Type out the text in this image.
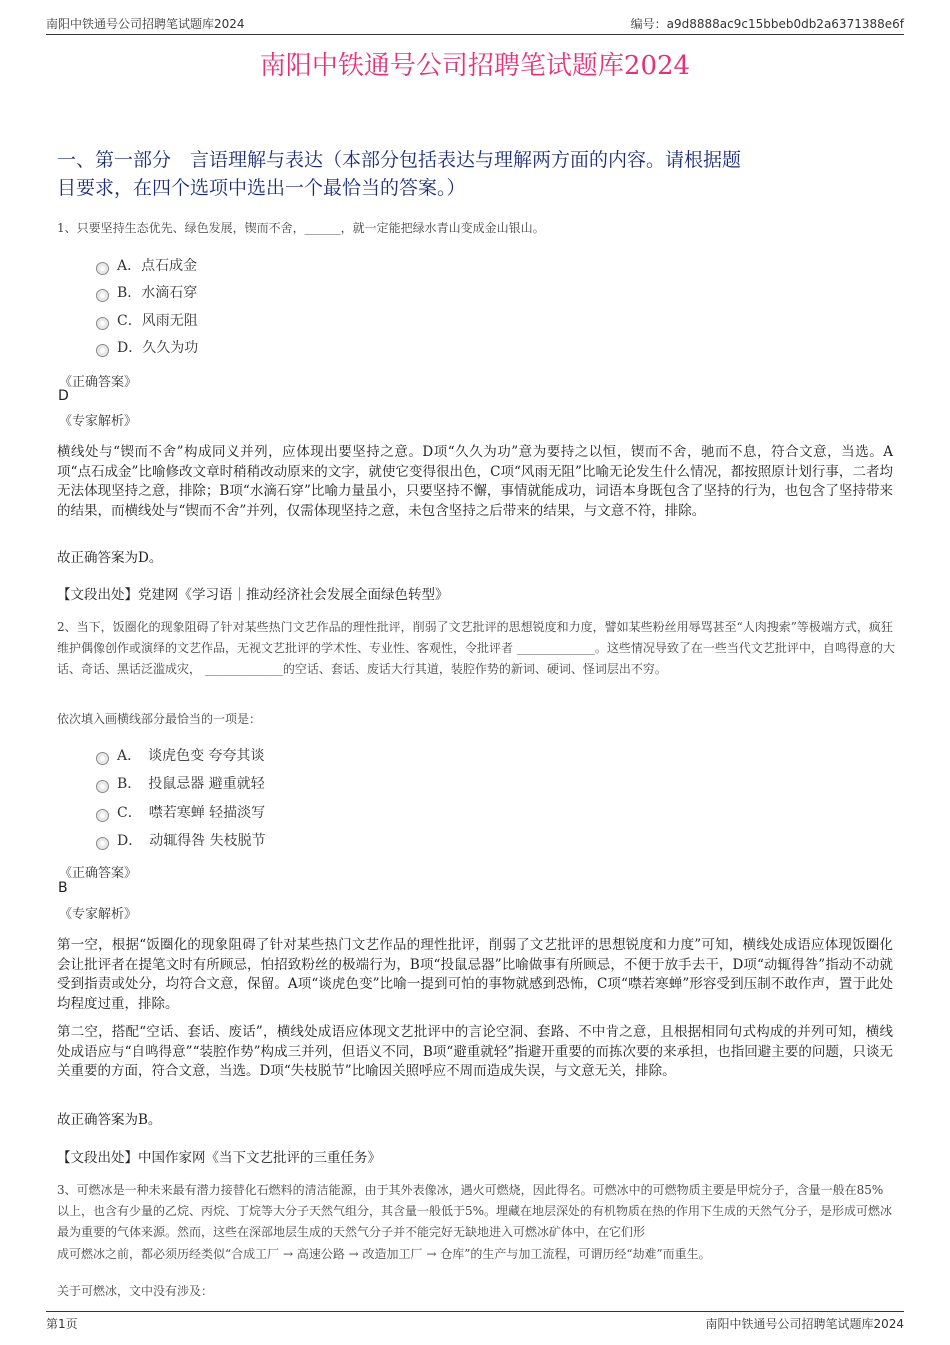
南阳中铁通号公司招聘笔试题库2024	编号：a9d8888ac9c15bbeb0db2a6371388e6f
南阳中铁通号公司招聘笔试题库2024
一、第一部分　言语理解与表达（本部分包括表达与理解两方面的内容。请根据题
目要求，在四个选项中选出一个最恰当的答案。）
1、只要坚持生态优先、绿色发展，锲而不舍，______，就一定能把绿水青山变成金山银山。
A．点石成金
B．水滴石穿
C．风雨无阻
D．久久为功
《正确答案》
D
《专家解析》
横线处与“锲而不舍”构成同义并列，应体现出要坚持之意。D项“久久为功”意为要持之以恒，锲而不舍，驰而不息，符合文意，当选。A项“点石成金”比喻修改文章时稍稍改动原来的文字，就使它变得很出色，C项“风雨无阻”比喻无论发生什么情况，都按照原计划行事，二者均无法体现坚持之意，排除；B项“水滴石穿”比喻力量虽小，只要坚持不懈，事情就能成功，词语本身既包含了坚持的行为，也包含了坚持带来的结果，而横线处与“锲而不舍”并列，仅需体现坚持之意，未包含坚持之后带来的结果，与文意不符，排除。
故正确答案为D。
【文段出处】党建网《学习语｜推动经济社会发展全面绿色转型》
2、当下，饭圈化的现象阻碍了针对某些热门文艺作品的理性批评，削弱了文艺批评的思想锐度和力度，譬如某些粉丝用辱骂甚至“人肉搜索”等极端方式，疯狂维护偶像创作或演绎的文艺作品，无视文艺批评的学术性、专业性、客观性，令批评者 _____________。这些情况导致了在一些当代文艺批评中，自鸣得意的大话、奇话、黑话泛滥成灾， _____________的空话、套话、废话大行其道，装腔作势的新词、硬词、怪词层出不穷。
依次填入画横线部分最恰当的一项是：
A．　谈虎色变 夸夸其谈
B．　投鼠忌器 避重就轻
C．　噤若寒蝉 轻描淡写
D．　动辄得咎 失枝脱节
《正确答案》
B
《专家解析》
第一空，根据“饭圈化的现象阻碍了针对某些热门文艺作品的理性批评，削弱了文艺批评的思想锐度和力度”可知，横线处成语应体现饭圈化会让批评者在提笔文时有所顾忌，怕招致粉丝的极端行为，B项“投鼠忌器”比喻做事有所顾忌，不便于放手去干，D项“动辄得咎”指动不动就受到指责或处分，均符合文意，保留。A项“谈虎色变”比喻一提到可怕的事物就感到恐怖，C项“噤若寒蝉”形容受到压制不敢作声，置于此处均程度过重，排除。
第二空，搭配“空话、套话、废话”，横线处成语应体现文艺批评中的言论空洞、套路、不中肯之意，且根据相同句式构成的并列可知，横线处成语应与“自鸣得意”“装腔作势”构成三并列，但语义不同，B项“避重就轻”指避开重要的而拣次要的来承担，也指回避主要的问题，只谈无关重要的方面，符合文意，当选。D项“失枝脱节”比喻因关照呼应不周而造成失误，与文意无关，排除。
故正确答案为B。
【文段出处】中国作家网《当下文艺批评的三重任务》
3、可燃冰是一种未来最有潜力接替化石燃料的清洁能源，由于其外表像冰，遇火可燃烧，因此得名。可燃冰中的可燃物质主要是甲烷分子，含量一般在85%以上，也含有少量的乙烷、丙烷、丁烷等大分子天然气组分，其含量一般低于5%。埋藏在地层深处的有机物质在热的作用下生成的天然气分子，是形成可燃冰最为重要的气体来源。然而，这些在深部地层生成的天然气分子并不能完好无缺地进入可燃冰矿体中，在它们形
成可燃冰之前，都必须历经类似“合成工厂 → 高速公路 → 改造加工厂 → 仓库”的生产与加工流程，可谓历经“劫难”而重生。
关于可燃冰，文中没有涉及：
第1页	南阳中铁通号公司招聘笔试题库2024
